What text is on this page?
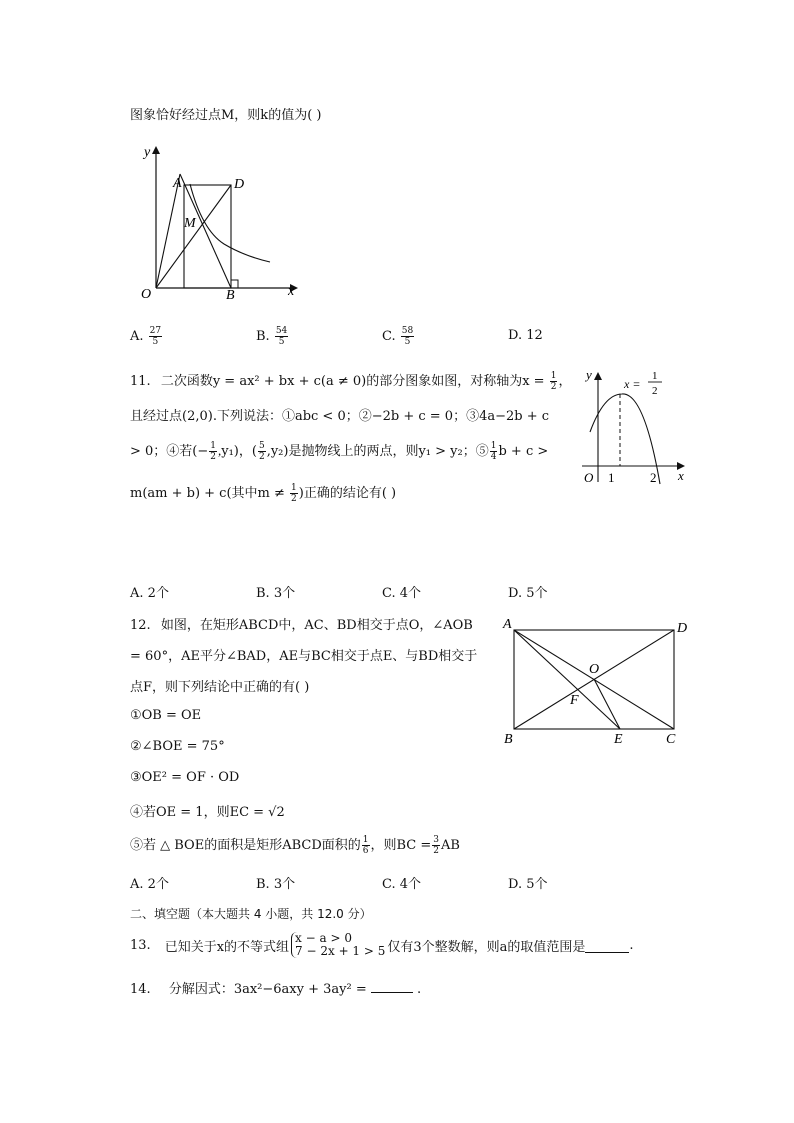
图象恰好经过点M，则k的值为( )
y
x
O
A	D
M
B
A. $\frac{27}{5}$	B. $\frac{54}{5}$	C. $\frac{58}{5}$	D. 12
11. 二次函数y = ax² + bx + c(a ≠ 0)的部分图象如图，对称轴为$x = \frac{1}{2}$ ，
且经过点(2,0).下列说法：①abc < 0；②−2b + c = 0；③4a−2b + c
> 0；④若(− $\frac{1}{2} ,y_1$)，( $\frac{5}{2} ,y_2$)是抛物线上的两点，则y₁ > y₂；⑤ $\frac{1}{4}$ b + c >
m(am + b) + c(其中$m \ne \frac{1}{2}$ )正确的结论有( )
y
x
O 1	2
x =
1
2
A. 2个	B. 3个	C. 4个	D. 5个
12. 如图，在矩形ABCD中，AC、BD相交于点O，∠AOB
= 60°，AE平分∠BAD，AE与BC相交于点E、与BD相交于
点F，则下列结论中正确的有( )
①OB = OE
②∠BOE = 75°
③OE² = OF · OD
④若OE = 1，则EC = √2
⑤若 △ BOE的面积是矩形ABCD面积的 $\frac{1}{6}$ ，则BC = $\frac{3}{2}$ AB
A	D
O
F
B	E	C
A. 2个	B. 3个	C. 4个	D. 5个
二、填空题（本大题共 4 小题，共 12.0 分）
13. 已知关于x的不等式组
x − a > 0
7 − 2x + 1 > 5 仅有3个整数解，则a的取值范围是	.
14. 分解因式：3ax²−6axy + 3ay² =	.
